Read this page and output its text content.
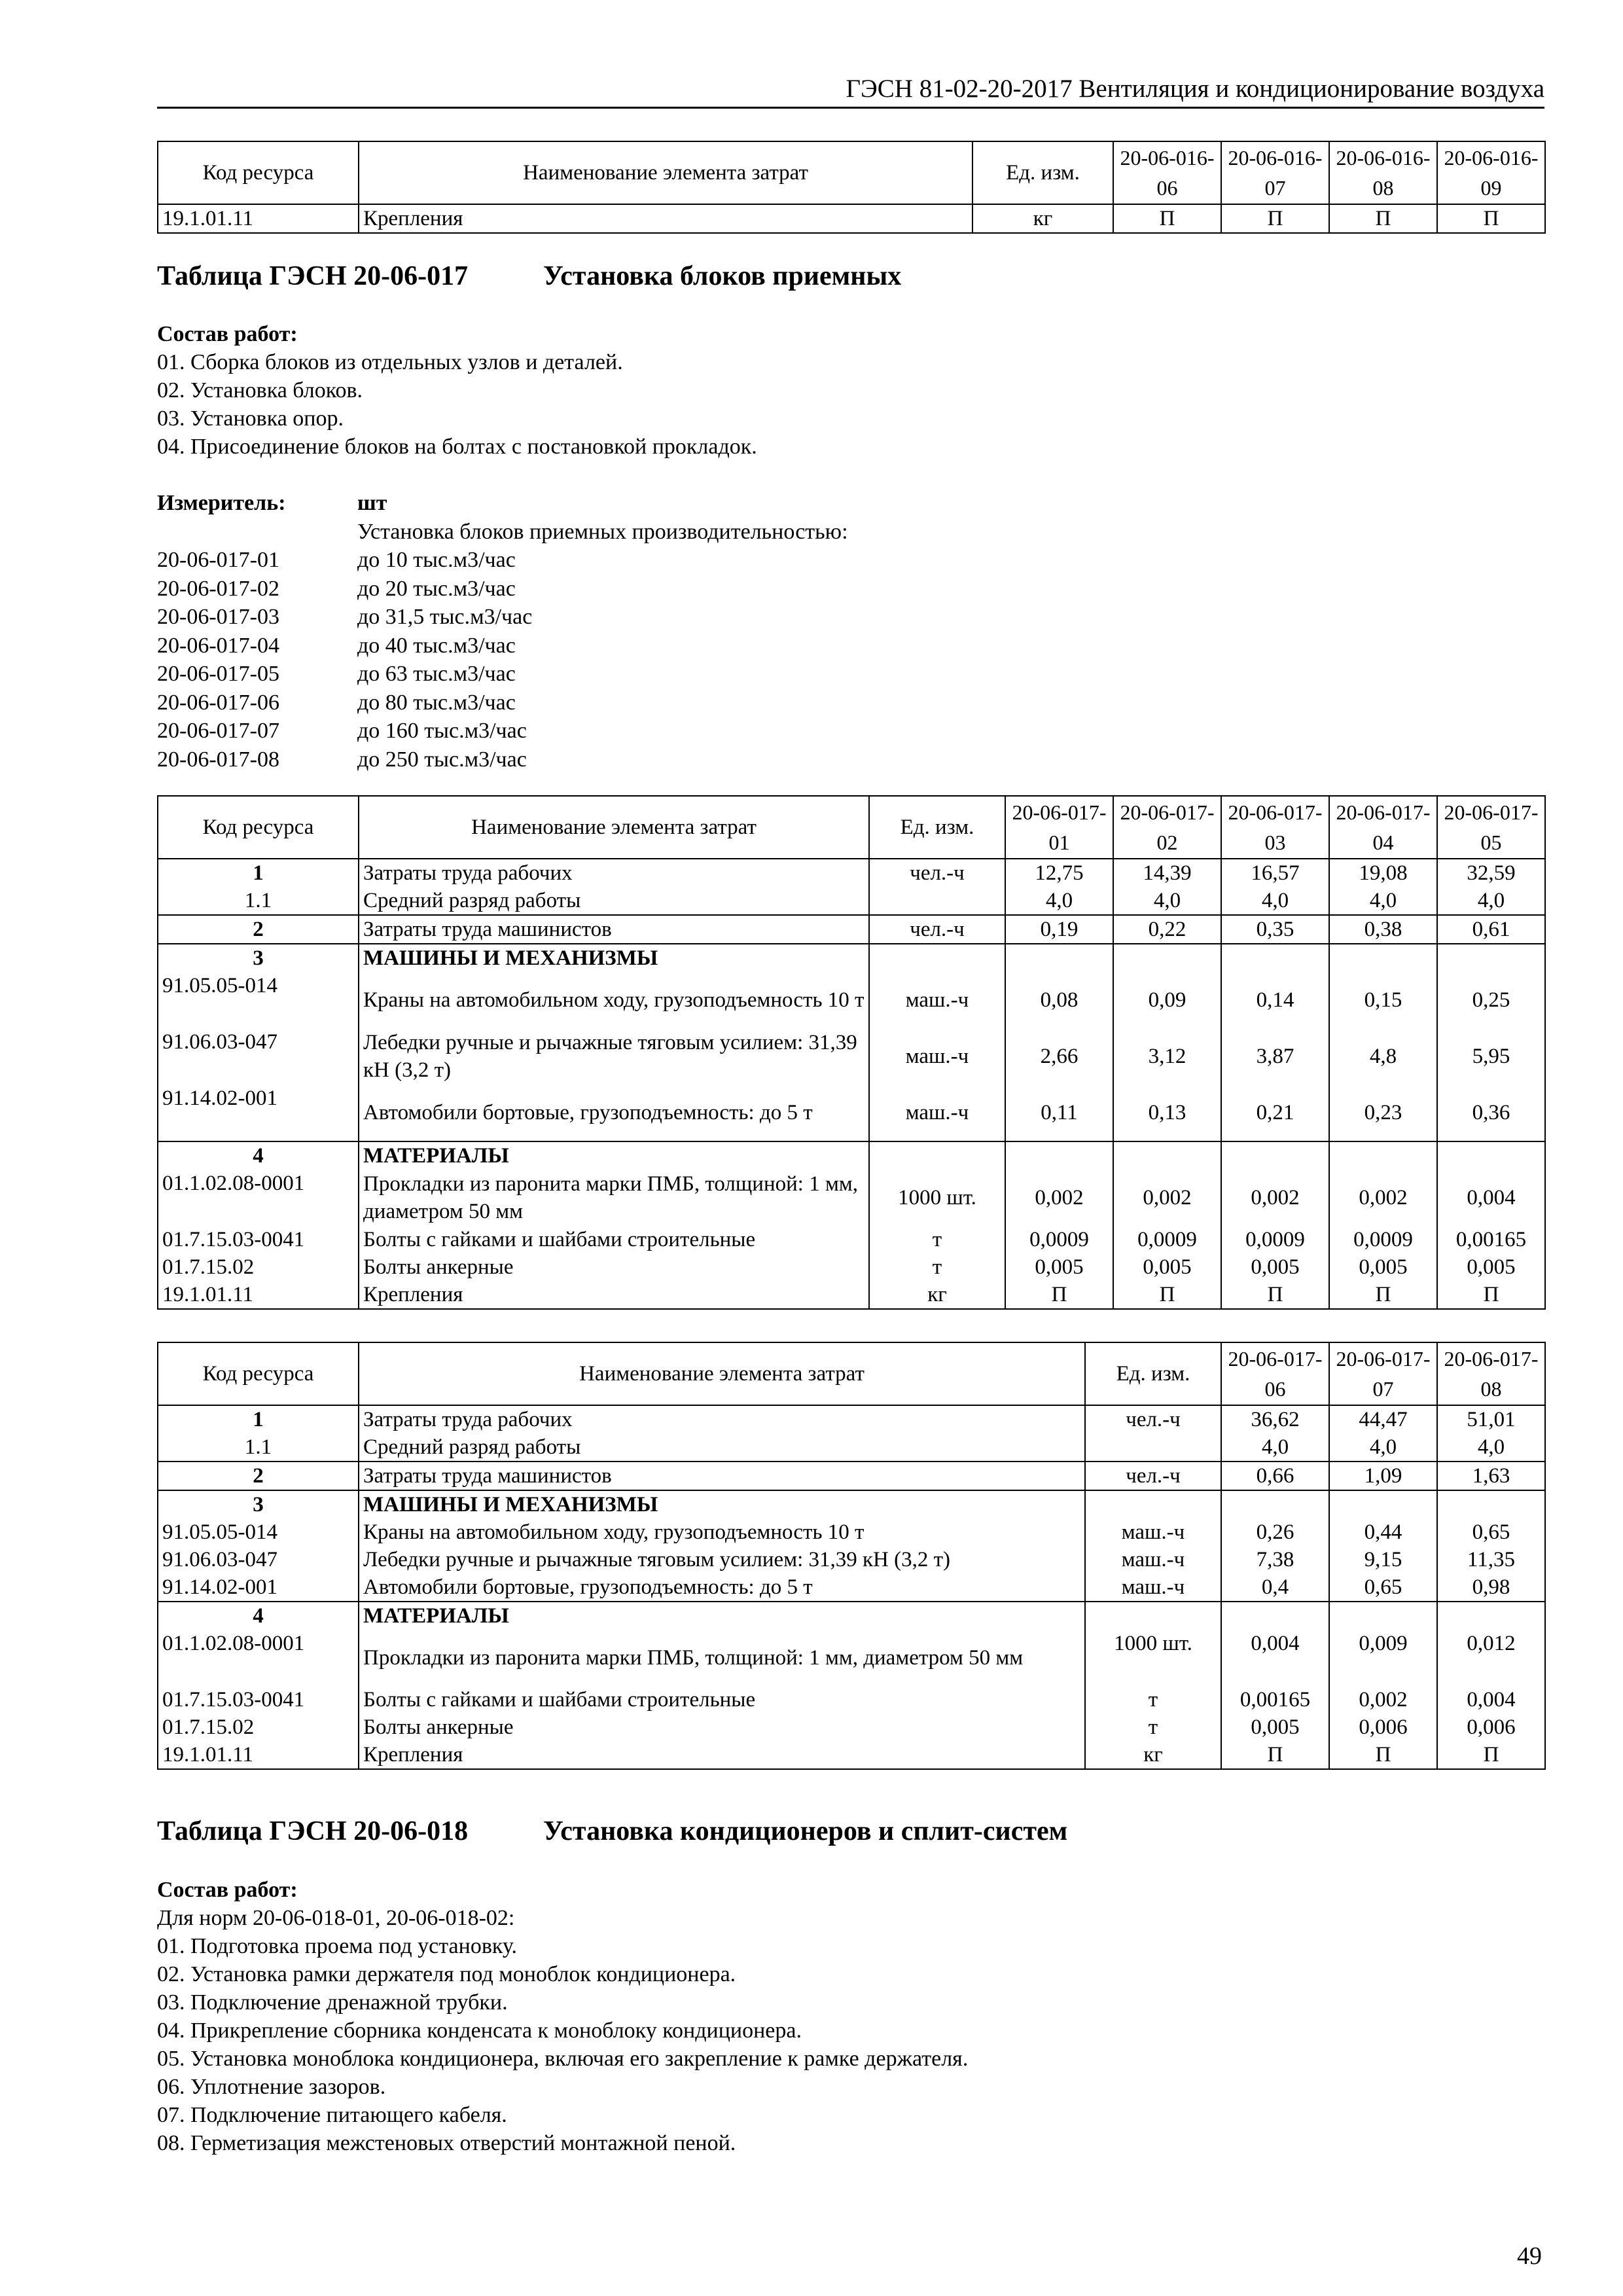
ГЭСН 81-02-20-2017 Вентиляция и кондиционирование воздуха
Код ресурса	Наименование элемента затрат	Ед. изм.	20-06-016-06	20-06-016-07	20-06-016-08	20-06-016-09
19.1.01.11	Крепления	кг	П	П	П	П
Таблица ГЭСН 20-06-017	Установка блоков приемных
Состав работ:
01. Сборка блоков из отдельных узлов и деталей.
02. Установка блоков.
03. Установка опор.
04. Присоединение блоков на болтах с постановкой прокладок.
Измеритель:	шт
Установка блоков приемных производительностью:
20-06-017-01	до 10 тыс.м3/час
20-06-017-02	до 20 тыс.м3/час
20-06-017-03	до 31,5 тыс.м3/час
20-06-017-04	до 40 тыс.м3/час
20-06-017-05	до 63 тыс.м3/час
20-06-017-06	до 80 тыс.м3/час
20-06-017-07	до 160 тыс.м3/час
20-06-017-08	до 250 тыс.м3/час
Код ресурса	Наименование элемента затрат	Ед. изм.	20-06-017-01	20-06-017-02	20-06-017-03	20-06-017-04	20-06-017-05
1	Затраты труда рабочих	чел.-ч	12,75	14,39	16,57	19,08	32,59
1.1	Средний разряд работы		4,0	4,0	4,0	4,0	4,0
2	Затраты труда машинистов	чел.-ч	0,19	0,22	0,35	0,38	0,61
3	МАШИНЫ И МЕХАНИЗМЫ						
91.05.05-014	Краны на автомобильном ходу, грузоподъемность 10 т	маш.-ч	0,08	0,09	0,14	0,15	0,25
91.06.03-047	Лебедки ручные и рычажные тяговым усилием: 31,39 кН (3,2 т)	маш.-ч	2,66	3,12	3,87	4,8	5,95
91.14.02-001	Автомобили бортовые, грузоподъемность: до 5 т	маш.-ч	0,11	0,13	0,21	0,23	0,36
4	МАТЕРИАЛЫ						
01.1.02.08-0001	Прокладки из паронита марки ПМБ, толщиной: 1 мм, диаметром 50 мм	1000 шт.	0,002	0,002	0,002	0,002	0,004
01.7.15.03-0041	Болты с гайками и шайбами строительные	т	0,0009	0,0009	0,0009	0,0009	0,00165
01.7.15.02	Болты анкерные	т	0,005	0,005	0,005	0,005	0,005
19.1.01.11	Крепления	кг	П	П	П	П	П
Код ресурса	Наименование элемента затрат	Ед. изм.	20-06-017-06	20-06-017-07	20-06-017-08
1	Затраты труда рабочих	чел.-ч	36,62	44,47	51,01
1.1	Средний разряд работы		4,0	4,0	4,0
2	Затраты труда машинистов	чел.-ч	0,66	1,09	1,63
3	МАШИНЫ И МЕХАНИЗМЫ				
91.05.05-014	Краны на автомобильном ходу, грузоподъемность 10 т	маш.-ч	0,26	0,44	0,65
91.06.03-047	Лебедки ручные и рычажные тяговым усилием: 31,39 кН (3,2 т)	маш.-ч	7,38	9,15	11,35
91.14.02-001	Автомобили бортовые, грузоподъемность: до 5 т	маш.-ч	0,4	0,65	0,98
4	МАТЕРИАЛЫ				
01.1.02.08-0001	Прокладки из паронита марки ПМБ, толщиной: 1 мм, диаметром 50 мм	1000 шт.	0,004	0,009	0,012
01.7.15.03-0041	Болты с гайками и шайбами строительные	т	0,00165	0,002	0,004
01.7.15.02	Болты анкерные	т	0,005	0,006	0,006
19.1.01.11	Крепления	кг	П	П	П
Таблица ГЭСН 20-06-018	Установка кондиционеров и сплит-систем
Состав работ:
Для норм 20-06-018-01, 20-06-018-02:
01. Подготовка проема под установку.
02. Установка рамки держателя под моноблок кондиционера.
03. Подключение дренажной трубки.
04. Прикрепление сборника конденсата к моноблоку кондиционера.
05. Установка моноблока кондиционера, включая его закрепление к рамке держателя.
06. Уплотнение зазоров.
07. Подключение питающего кабеля.
08. Герметизация межстеновых отверстий монтажной пеной.
49
